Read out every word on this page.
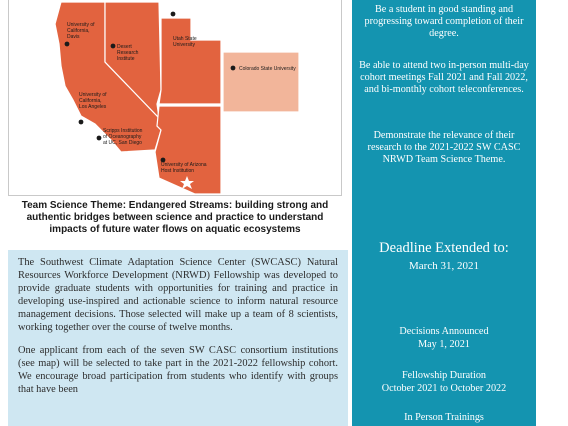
University of
California,
Davis
Desert
Research
Institute
Utah State
University
Colorado State University
University of
California,
Los Angeles
Scripps Institution
of Oceanography
at UC, San Diego
University of Arizona
Host Institution
Team Science Theme: Endangered Streams: building strong and authentic bridges between science and practice to understand impacts of future water flows on aquatic ecosystems

The Southwest Climate Adaptation Science Center (SWCASC) Natural Resources Workforce Development (NRWD) Fellowship was developed to provide graduate students with opportunities for training and practice in developing use-inspired and actionable science to inform natural resource management decisions. Those selected will make up a team of 8 scientists, working together over the course of twelve months.

One applicant from each of the seven SW CASC consortium institutions (see map) will be selected to take part in the 2021-2022 fellowship cohort. We encourage broad participation from students who identify with groups that have been

Be a student in good standing and progressing toward completion of their degree.
Be able to attend two in-person multi-day cohort meetings Fall 2021 and Fall 2022, and bi-monthly cohort teleconferences.
Demonstrate the relevance of their research to the 2021-2022 SW CASC NRWD Team Science Theme.
Deadline Extended to:
March 31, 2021
Decisions Announced
May 1, 2021
Fellowship Duration
October 2021 to October 2022
In Person Trainings
